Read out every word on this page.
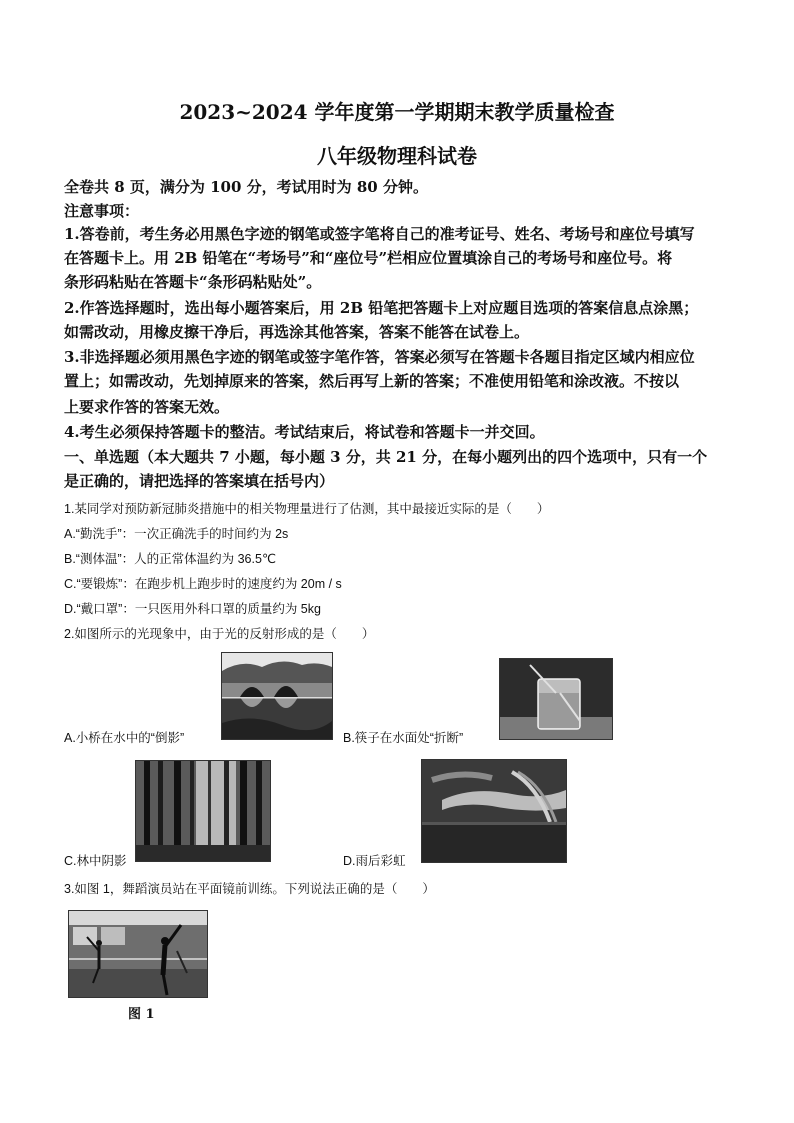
2023~2024 学年度第一学期期末教学质量检查
八年级物理科试卷
全卷共 8 页，满分为 100 分，考试用时为 80 分钟。
注意事项：
1.答卷前，考生务必用黑色字迹的钢笔或签字笔将自己的准考证号、姓名、考场号和座位号填写
在答题卡上。用 2B 铅笔在“考场号”和“座位号”栏相应位置填涂自己的考场号和座位号。将
条形码粘贴在答题卡“条形码粘贴处”。
2.作答选择题时，选出每小题答案后，用 2B 铅笔把答题卡上对应题目选项的答案信息点涂黑；
如需改动，用橡皮擦干净后，再选涂其他答案，答案不能答在试卷上。
3.非选择题必须用黑色字迹的钢笔或签字笔作答，答案必须写在答题卡各题目指定区域内相应位
置上；如需改动，先划掉原来的答案，然后再写上新的答案；不准使用铅笔和涂改液。不按以
上要求作答的答案无效。
4.考生必须保持答题卡的整洁。考试结束后，将试卷和答题卡一并交回。
一、单选题（本大题共 7 小题，每小题 3 分，共 21 分，在每小题列出的四个选项中，只有一个
是正确的，请把选择的答案填在括号内）
1.某同学对预防新冠肺炎措施中的相关物理量进行了估测，其中最接近实际的是（　　）
A.“勤洗手”：一次正确洗手的时间约为 2s
B.“测体温”：人的正常体温约为 36.5℃
C.“要锻炼”：在跑步机上跑步时的速度约为 20m / s
D.“戴口罩”：一只医用外科口罩的质量约为 5kg
2.如图所示的光现象中，由于光的反射形成的是（　　）
A.小桥在水中的“倒影”	B.筷子在水面处“折断”
C.林中阴影	D.雨后彩虹
3.如图 1，舞蹈演员站在平面镜前训练。下列说法正确的是（　　）
图 1
